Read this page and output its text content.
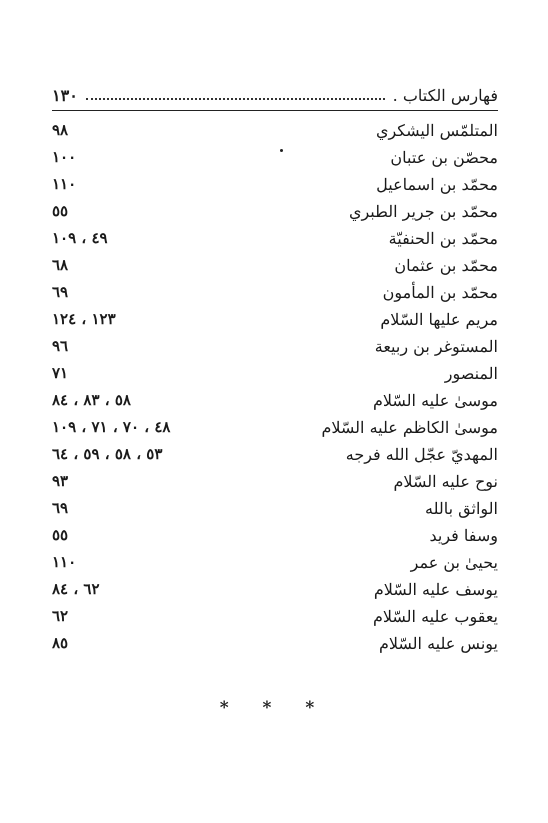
فهارس الكتاب .
١٣٠
المتلمّس اليشكري
٩٨
محصّن بن عتبان
١٠٠
محمّد بن اسماعيل
١١٠
محمّد بن جرير الطبري
٥٥
محمّد بن الحنفيّة
٤٩ ، ١٠٩
محمّد بن عثمان
٦٨
محمّد بن المأمون
٦٩
مريم عليها السّلام
١٢٣ ، ١٢٤
المستوغر بن ربيعة
٩٦
المنصور
٧١
موسىٰ عليه السّلام
٥٨ ، ٨٣ ، ٨٤
موسىٰ الكاظم عليه السّلام
٤٨ ، ٧٠ ، ٧١ ، ١٠٩
المهديّ عجّل الله فرجه
٥٣ ، ٥٨ ، ٥٩ ، ٦٤
نوح عليه السّلام
٩٣
الواثق بالله
٦٩
وسفا فريد
٥٥
يحيىٰ بن عمر
١١٠
يوسف عليه السّلام
٦٢ ، ٨٤
يعقوب عليه السّلام
٦٢
يونس عليه السّلام
٨٥
* * *
